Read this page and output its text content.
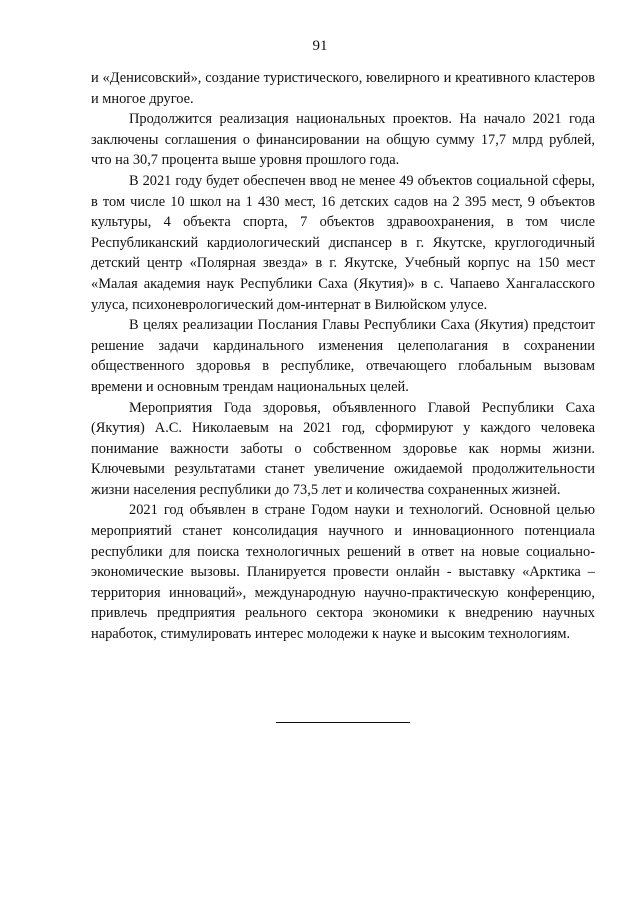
91

и «Денисовский», создание туристического, ювелирного и креативного кластеров и многое другое.

Продолжится реализация национальных проектов. На начало 2021 года заключены соглашения о финансировании на общую сумму 17,7 млрд рублей, что на 30,7 процента выше уровня прошлого года.

В 2021 году будет обеспечен ввод не менее 49 объектов социальной сферы, в том числе 10 школ на 1 430 мест, 16 детских садов на 2 395 мест, 9 объектов культуры, 4 объекта спорта, 7 объектов здравоохранения, в том числе Республиканский кардиологический диспансер в г. Якутске, круглогодичный детский центр «Полярная звезда» в г. Якутске, Учебный корпус на 150 мест «Малая академия наук Республики Саха (Якутия)» в с. Чапаево Хангаласского улуса, психоневрологический дом-интернат в Вилюйском улусе.

В целях реализации Послания Главы Республики Саха (Якутия) предстоит решение задачи кардинального изменения целеполагания в сохранении общественного здоровья в республике, отвечающего глобальным вызовам времени и основным трендам национальных целей.

Мероприятия Года здоровья, объявленного Главой Республики Саха (Якутия) А.С. Николаевым на 2021 год, сформируют у каждого человека понимание важности заботы о собственном здоровье как нормы жизни. Ключевыми результатами станет увеличение ожидаемой продолжительности жизни населения республики до 73,5 лет и количества сохраненных жизней.

2021 год объявлен в стране Годом науки и технологий. Основной целью мероприятий станет консолидация научного и инновационного потенциала республики для поиска технологичных решений в ответ на новые социально-экономические вызовы. Планируется провести онлайн - выставку «Арктика – территория инноваций», международную научно-практическую конференцию, привлечь предприятия реального сектора экономики к внедрению научных наработок, стимулировать интерес молодежи к науке и высоким технологиям.
